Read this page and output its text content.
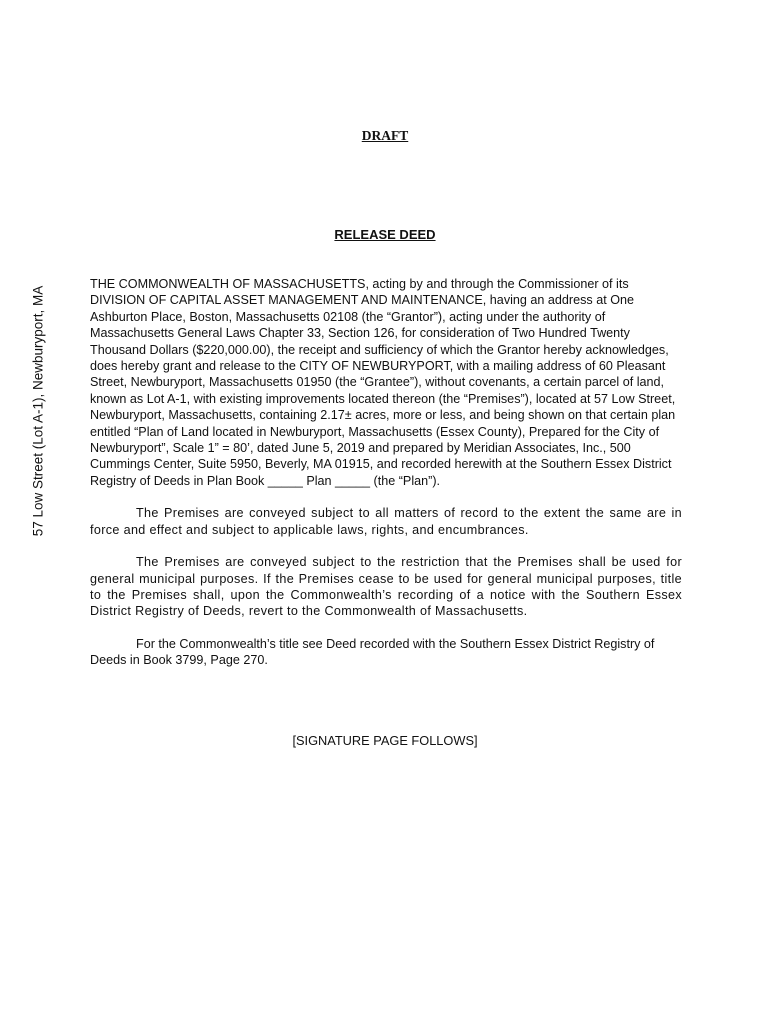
DRAFT
RELEASE DEED
57 Low Street (Lot A-1), Newburyport, MA

THE COMMONWEALTH OF MASSACHUSETTS, acting by and through the Commissioner of its DIVISION OF CAPITAL ASSET MANAGEMENT AND MAINTENANCE, having an address at One Ashburton Place, Boston, Massachusetts 02108 (the “Grantor”), acting under the authority of Massachusetts General Laws Chapter 33, Section 126, for consideration of Two Hundred Twenty Thousand Dollars ($220,000.00), the receipt and sufficiency of which the Grantor hereby acknowledges, does hereby grant and release to the CITY OF NEWBURYPORT, with a mailing address of 60 Pleasant Street, Newburyport, Massachusetts 01950 (the “Grantee”), without covenants, a certain parcel of land, known as Lot A-1, with existing improvements located thereon (the “Premises”), located at 57 Low Street, Newburyport, Massachusetts, containing 2.17± acres, more or less, and being shown on that certain plan entitled “Plan of Land located in Newburyport, Massachusetts (Essex County), Prepared for the City of Newburyport”, Scale 1” = 80’, dated June 5, 2019 and prepared by Meridian Associates, Inc., 500 Cummings Center, Suite 5950, Beverly, MA 01915, and recorded herewith at the Southern Essex District Registry of Deeds in Plan Book _____ Plan _____ (the “Plan”).

The Premises are conveyed subject to all matters of record to the extent the same are in force and effect and subject to applicable laws, rights, and encumbrances.

The Premises are conveyed subject to the restriction that the Premises shall be used for general municipal purposes. If the Premises cease to be used for general municipal purposes, title to the Premises shall, upon the Commonwealth’s recording of a notice with the Southern Essex District Registry of Deeds, revert to the Commonwealth of Massachusetts.

For the Commonwealth’s title see Deed recorded with the Southern Essex District Registry of Deeds in Book 3799, Page 270.

[SIGNATURE PAGE FOLLOWS]
